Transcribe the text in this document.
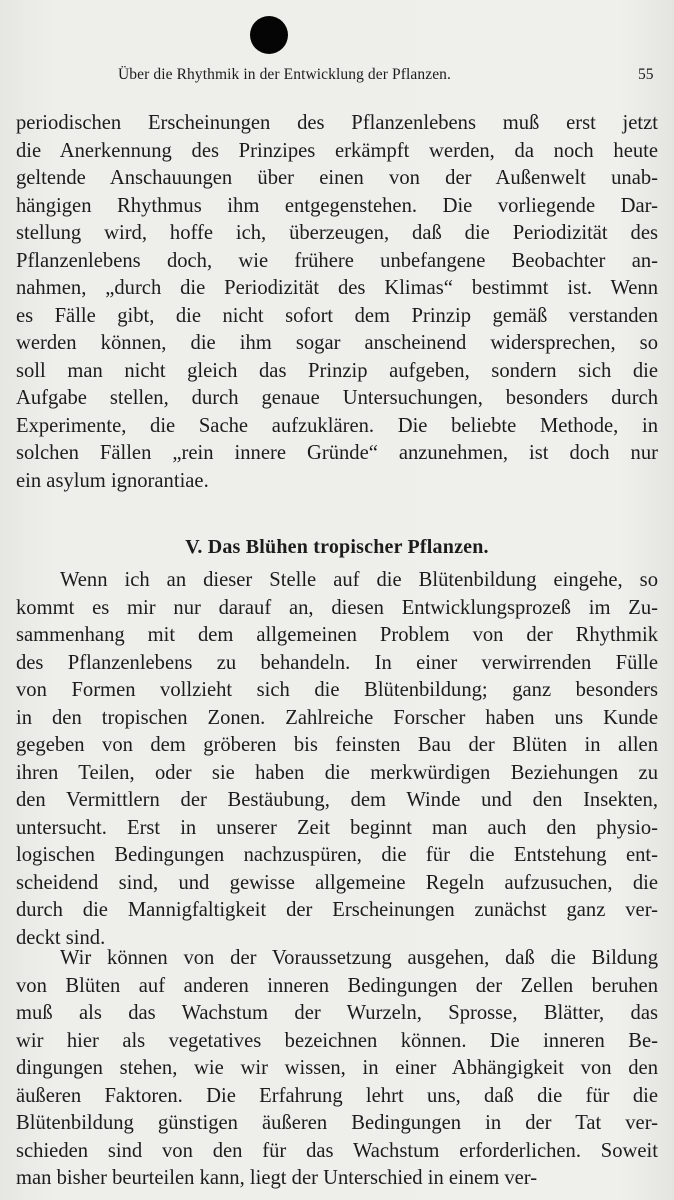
Über die Rhythmik in der Entwicklung der Pflanzen.	55
periodischen Erscheinungen des Pflanzenlebens muß erst jetzt
die Anerkennung des Prinzipes erkämpft werden, da noch heute
geltende Anschauungen über einen von der Außenwelt unab-
hängigen Rhythmus ihm entgegenstehen. Die vorliegende Dar-
stellung wird, hoffe ich, überzeugen, daß die Periodizität des
Pflanzenlebens doch, wie frühere unbefangene Beobachter an-
nahmen, „durch die Periodizität des Klimas“ bestimmt ist. Wenn
es Fälle gibt, die nicht sofort dem Prinzip gemäß verstanden
werden können, die ihm sogar anscheinend widersprechen, so
soll man nicht gleich das Prinzip aufgeben, sondern sich die
Aufgabe stellen, durch genaue Untersuchungen, besonders durch
Experimente, die Sache aufzuklären. Die beliebte Methode, in
solchen Fällen „rein innere Gründe“ anzunehmen, ist doch nur
ein asylum ignorantiae.
V. Das Blühen tropischer Pflanzen.
Wenn ich an dieser Stelle auf die Blütenbildung eingehe, so
kommt es mir nur darauf an, diesen Entwicklungsprozeß im Zu-
sammenhang mit dem allgemeinen Problem von der Rhythmik
des Pflanzenlebens zu behandeln. In einer verwirrenden Fülle
von Formen vollzieht sich die Blütenbildung; ganz besonders
in den tropischen Zonen. Zahlreiche Forscher haben uns Kunde
gegeben von dem gröberen bis feinsten Bau der Blüten in allen
ihren Teilen, oder sie haben die merkwürdigen Beziehungen zu
den Vermittlern der Bestäubung, dem Winde und den Insekten,
untersucht. Erst in unserer Zeit beginnt man auch den physio-
logischen Bedingungen nachzuspüren, die für die Entstehung ent-
scheidend sind, und gewisse allgemeine Regeln aufzusuchen, die
durch die Mannigfaltigkeit der Erscheinungen zunächst ganz ver-
deckt sind.
Wir können von der Voraussetzung ausgehen, daß die Bildung
von Blüten auf anderen inneren Bedingungen der Zellen beruhen
muß als das Wachstum der Wurzeln, Sprosse, Blätter, das
wir hier als vegetatives bezeichnen können. Die inneren Be-
dingungen stehen, wie wir wissen, in einer Abhängigkeit von den
äußeren Faktoren. Die Erfahrung lehrt uns, daß die für die
Blütenbildung günstigen äußeren Bedingungen in der Tat ver-
schieden sind von den für das Wachstum erforderlichen. Soweit
man bisher beurteilen kann, liegt der Unterschied in einem ver-
